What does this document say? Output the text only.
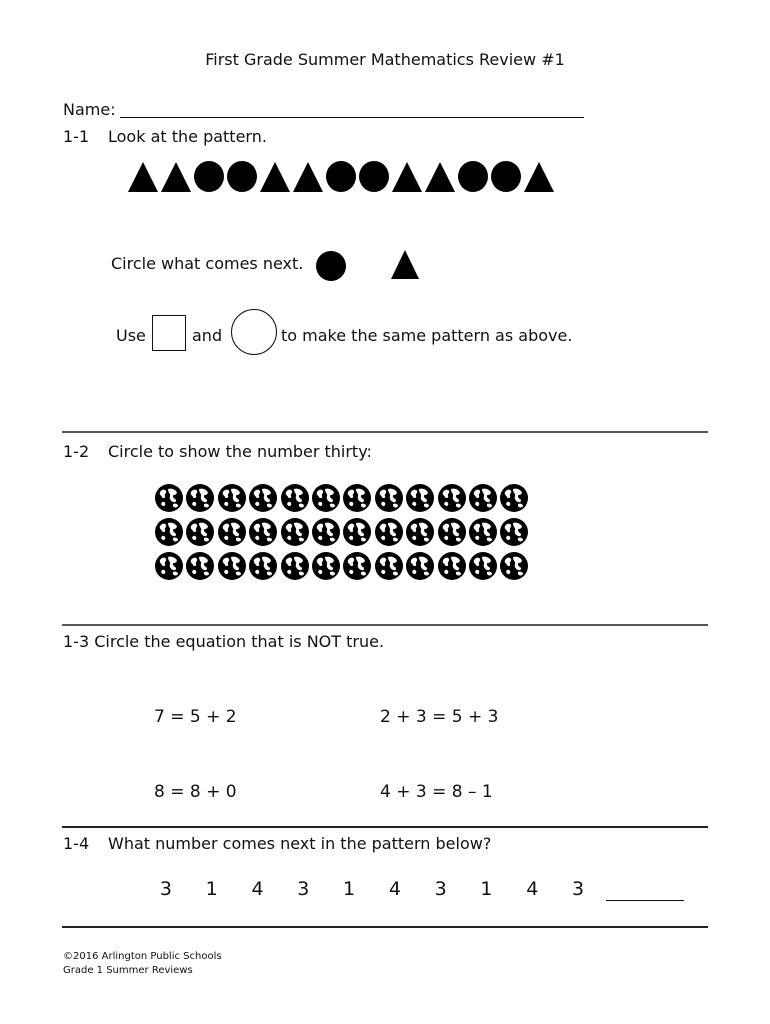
First Grade Summer Mathematics Review #1
Name:
1-1 Look at the pattern.
Circle what comes next.
Use	and	to make the same pattern as above.
1-2 Circle to show the number thirty:
1-3 Circle the equation that is NOT true.
7 = 5 + 2	2 + 3 = 5 + 3
8 = 8 + 0	4 + 3 = 8 – 1
1-4 What number comes next in the pattern below?
3	1	4	3	1	4	3	1	4	3
©2016 Arlington Public Schools
Grade 1 Summer Reviews
